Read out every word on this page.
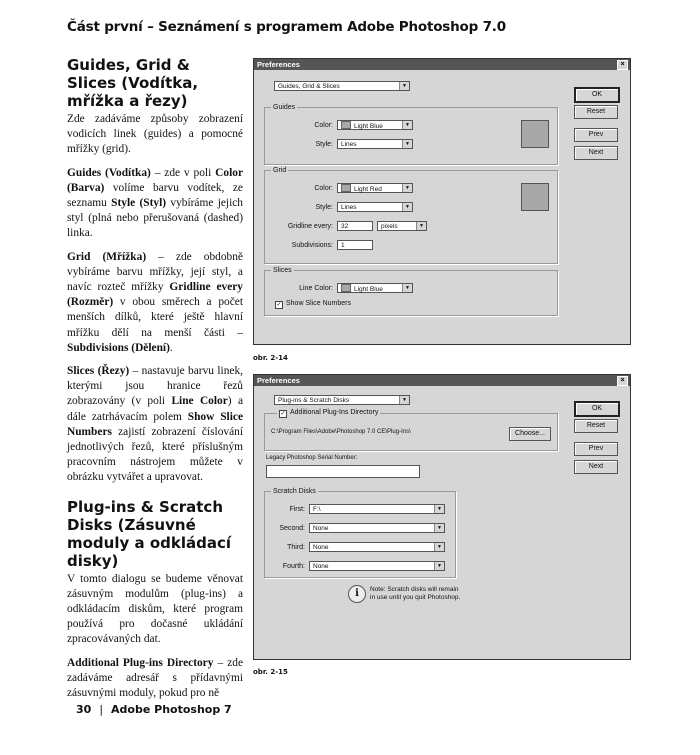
Část první – Seznámení s programem Adobe Photoshop 7.0
Guides, Grid & Slices (Vodítka, mřížka a řezy)

Zde zadáváme způsoby zobrazení vodicích linek (guides) a pomocné mřížky (grid).

Guides (Vodítka) – zde v poli Color (Barva) volíme barvu vodítek, ze seznamu Style (Styl) vybíráme jejich styl (plná nebo přerušovaná (dashed) linka.

Grid (Mřížka) – zde obdobně vybíráme barvu mřížky, její styl, a navíc rozteč mřížky Gridline every (Rozměr) v obou směrech a počet menších dílků, které ještě hlavní mřížku dělí na menší části – Subdivisions (Dělení).

Slices (Řezy) – nastavuje barvu linek, kterými jsou hranice řezů zobrazovány (v poli Line Color) a dále zatrhávacím polem Show Slice Numbers zajistí zobrazení číslování jednotlivých řezů, které příslušným pracovním nástrojem můžete v obrázku vytvářet a upravovat.

Plug-ins & Scratch Disks (Zásuvné moduly a odkládací disky)

V tomto dialogu se budeme věnovat zásuvným modulům (plug-ins) a odkládacím diskům, které program používá pro dočasné ukládání zpracovávaných dat.

Additional Plug-ins Directory – zde zadáváme adresář s přídavnými zásuvnými moduly, pokud pro ně

Preferences	×
Guides, Grid & Slices	▼
OK
Reset
Prev
Next
Guides
Color:	Light Blue	▼
Style:	Lines	▼
Grid
Color:	Light Red	▼
Style:	Lines	▼
Gridline every:	32	pixels	▼
Subdivisions:	1
Slices
Line Color:	Light Blue	▼
✓ Show Slice Numbers
obr. 2-14
Preferences	×
Plug-ins & Scratch Disks	▼
OK
Reset
Prev
Next
✓ Additional Plug-Ins Directory
C:\Program Files\Adobe\Photoshop 7.0 CE\Plug-Ins\	Choose...
Legacy Photoshop Serial Number:
Scratch Disks
First:	F:\	▼
Second:	None	▼
Third:	None	▼
Fourth:	None	▼
i	Note: Scratch disks will remain
in use until you quit Photoshop.
obr. 2-15
30 | Adobe Photoshop 7
